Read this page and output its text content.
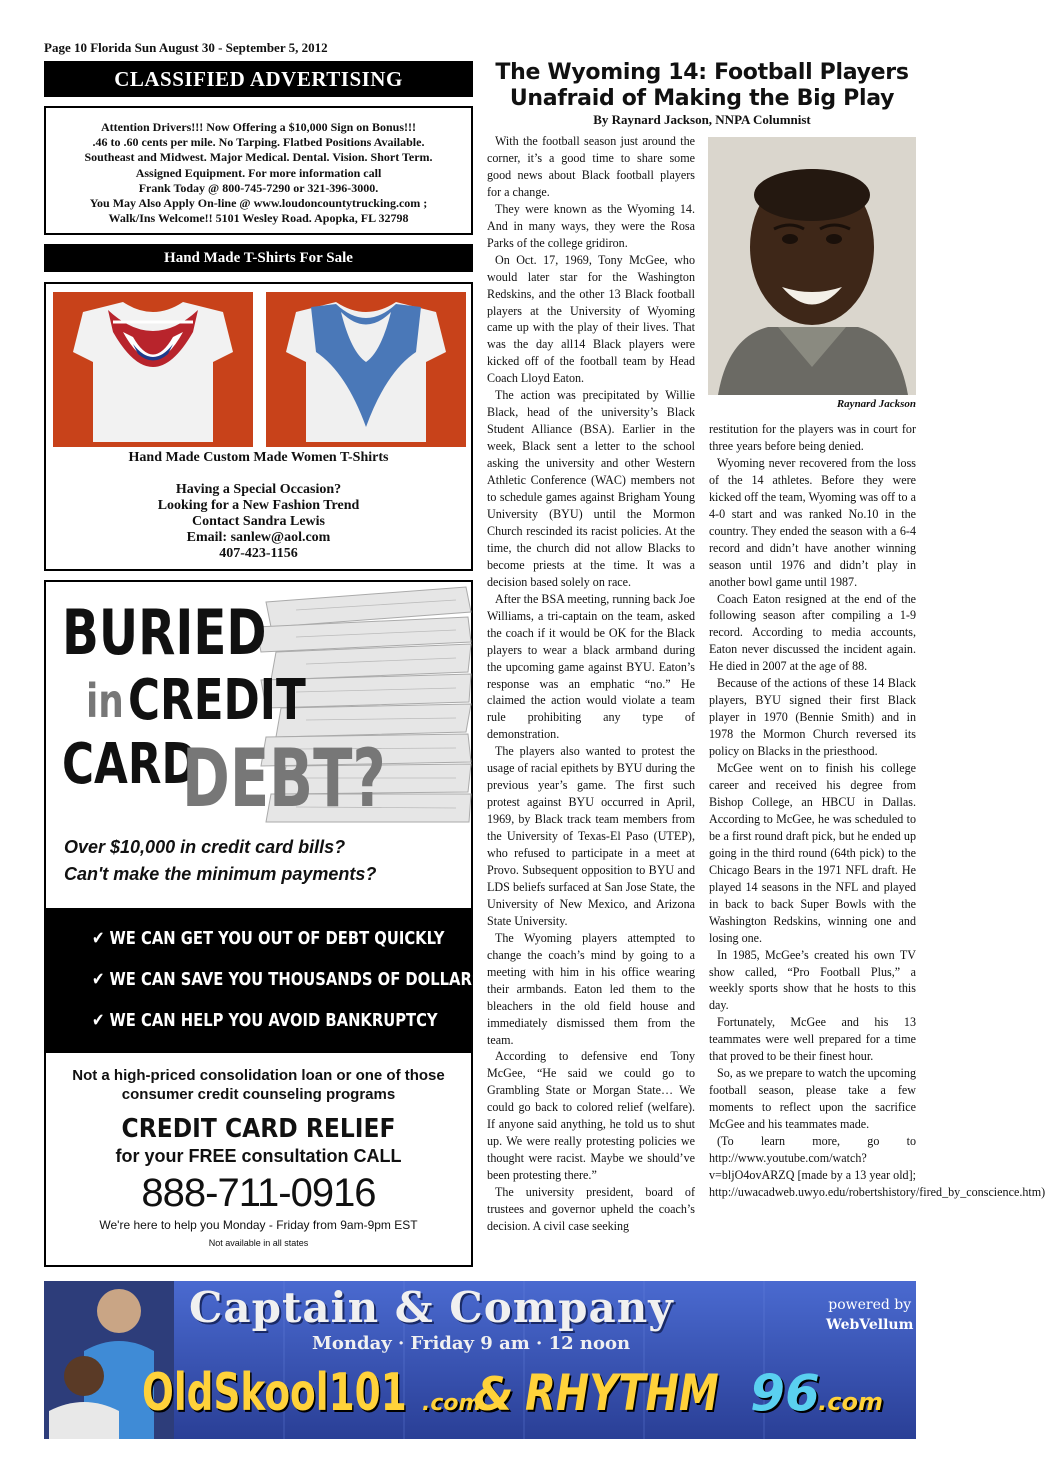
Page 10 Florida Sun August 30 - September 5, 2012
CLASSIFIED ADVERTISING
Attention Drivers!!! Now Offering a $10,000 Sign on Bonus!!!
.46 to .60 cents per mile. No Tarping. Flatbed Positions Available.
Southeast and Midwest. Major Medical. Dental. Vision. Short Term.
Assigned Equipment. For more information call
Frank Today @ 800-745-7290 or 321-396-3000.
You May Also Apply On-line @ www.loudoncountytrucking.com ;
Walk/Ins Welcome!! 5101 Wesley Road. Apopka, FL 32798
Hand Made T-Shirts For Sale
Hand Made Custom Made Women T-Shirts
Having a Special Occasion?
Looking for a New Fashion Trend
Contact Sandra Lewis
Email: sanlew@aol.com
407-423-1156
BURIED
in CREDIT
CARD
DEBT?
Over $10,000 in credit card bills?
Can't make the minimum payments?
✔ WE CAN GET YOU OUT OF DEBT QUICKLY
✔ WE CAN SAVE YOU THOUSANDS OF DOLLARS
✔ WE CAN HELP YOU AVOID BANKRUPTCY
Not a high-priced consolidation loan or one of those
consumer credit counseling programs
CREDIT CARD RELIEF
for your FREE consultation CALL
888-711-0916
We're here to help you Monday - Friday from 9am-9pm EST
Not available in all states
The Wyoming 14: Football Players
Unafraid of Making the Big Play
By Raynard Jackson, NNPA Columnist

With the football season just around the corner, it’s a good time to share some good news about Black football players for a change.

They were known as the Wyoming 14. And in many ways, they were the Rosa Parks of the college gridiron.

On Oct. 17, 1969, Tony McGee, who would later star for the Washington Redskins, and the other 13 Black football players at the University of Wyoming came up with the play of their lives. That was the day all14 Black players were kicked off of the football team by Head Coach Lloyd Eaton.

The action was precipitated by Willie Black, head of the university’s Black Student Alliance (BSA). Earlier in the week, Black sent a letter to the school asking the university and other Western Athletic Conference (WAC) members not to schedule games against Brigham Young University (BYU) until the Mormon Church rescinded its racist policies. At the time, the church did not allow Blacks to become priests at the time. It was a decision based solely on race.

After the BSA meeting, running back Joe Williams, a tri-captain on the team, asked the coach if it would be OK for the Black players to wear a black armband during the upcoming game against BYU. Eaton’s response was an emphatic “no.” He claimed the action would violate a team rule prohibiting any type of demonstration.

The players also wanted to protest the usage of racial epithets by BYU during the previous year’s game. The first such protest against BYU occurred in April, 1969, by Black track team members from the University of Texas-El Paso (UTEP), who refused to participate in a meet at Provo. Subsequent opposition to BYU and LDS beliefs surfaced at San Jose State, the University of New Mexico, and Arizona State University.

The Wyoming players attempted to change the coach’s mind by going to a meeting with him in his office wearing their armbands. Eaton led them to the bleachers in the old field house and immediately dismissed them from the team.

According to defensive end Tony McGee, “He said we could go to Grambling State or Morgan State… We could go back to colored relief (welfare). If anyone said anything, he told us to shut up. We were really protesting policies we thought were racist. Maybe we should’ve been protesting there.”

The university president, board of trustees and governor upheld the coach’s decision. A civil case seeking

Raynard Jackson

restitution for the players was in court for three years before being denied.

Wyoming never recovered from the loss of the 14 athletes. Before they were kicked off the team, Wyoming was off to a 4-0 start and was ranked No.10 in the country. They ended the season with a 6-4 record and didn’t have another winning season until 1976 and didn’t play in another bowl game until 1987.

Coach Eaton resigned at the end of the following season after compiling a 1-9 record. According to media accounts, Eaton never discussed the incident again. He died in 2007 at the age of 88.

Because of the actions of these 14 Black players, BYU signed their first Black player in 1970 (Bennie Smith) and in 1978 the Mormon Church reversed its policy on Blacks in the priesthood.

McGee went on to finish his college career and received his degree from Bishop College, an HBCU in Dallas. According to McGee, he was scheduled to be a first round draft pick, but he ended up going in the third round (64th pick) to the Chicago Bears in the 1971 NFL draft. He played 14 seasons in the NFL and played in back to back Super Bowls with the Washington Redskins, winning one and losing one.

In 1985, McGee’s created his own TV show called, “Pro Football Plus,” a weekly sports show that he hosts to this day.

Fortunately, McGee and his 13 teammates were well prepared for a time that proved to be their finest hour.

So, as we prepare to watch the upcoming football season, please take a few moments to reflect upon the sacrifice McGee and his teammates made.

(To learn more, go to http://www.youtube.com/watch?v=bljO4ovARZQ [made by a 13 year old]; http://uwacadweb.uwyo.edu/robertshistory/fired_by_conscience.htm)

Captain & Company
Monday · Friday 9 am · 12 noon
powered by
WebVellum
OldSkool101 .com & RHYTHM 96.com
